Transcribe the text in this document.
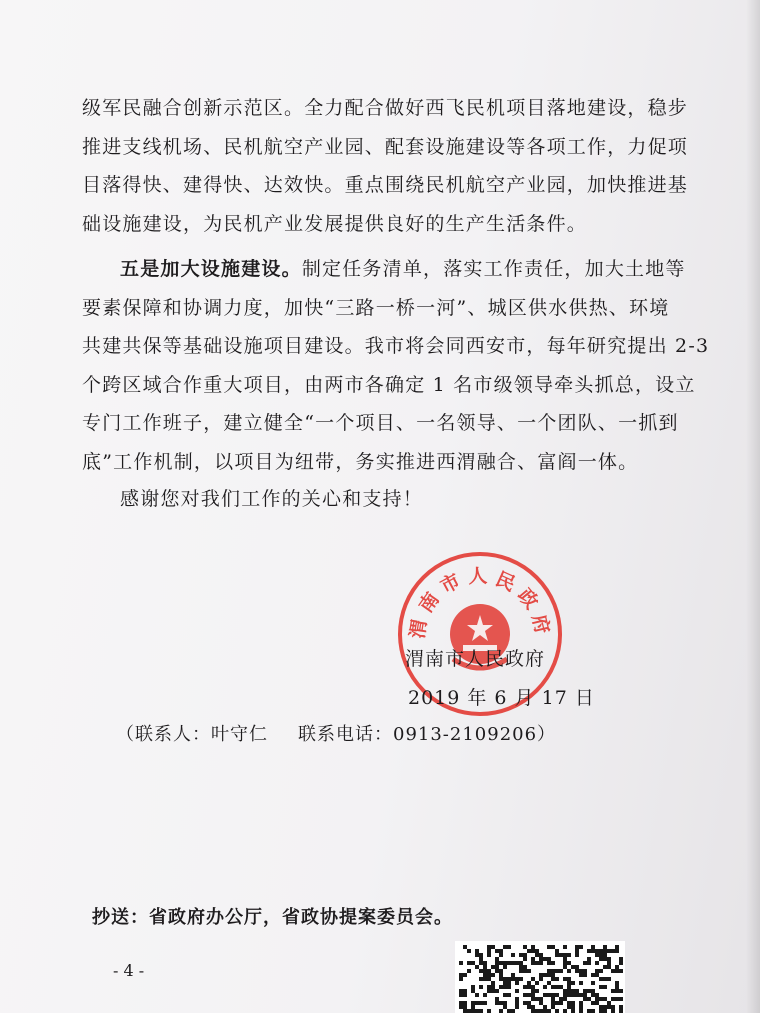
级军民融合创新示范区。全力配合做好西飞民机项目落地建设，稳步
推进支线机场、民机航空产业园、配套设施建设等各项工作，力促项
目落得快、建得快、达效快。重点围绕民机航空产业园，加快推进基
础设施建设，为民机产业发展提供良好的生产生活条件。
五是加大设施建设。制定任务清单，落实工作责任，加大土地等
要素保障和协调力度，加快“三路一桥一河”、城区供水供热、环境
共建共保等基础设施项目建设。我市将会同西安市，每年研究提出 2-3
个跨区域合作重大项目，由两市各确定 1 名市级领导牵头抓总，设立
专门工作班子，建立健全“一个项目、一名领导、一个团队、一抓到
底”工作机制，以项目为纽带，务实推进西渭融合、富阎一体。
感谢您对我们工作的关心和支持！
渭 南 市 人 民 政 府
渭南市人民政府
2019 年 6 月 17 日
（联系人：叶守仁 联系电话：0913-2109206）
抄送：省政府办公厅，省政协提案委员会。
- 4 -
